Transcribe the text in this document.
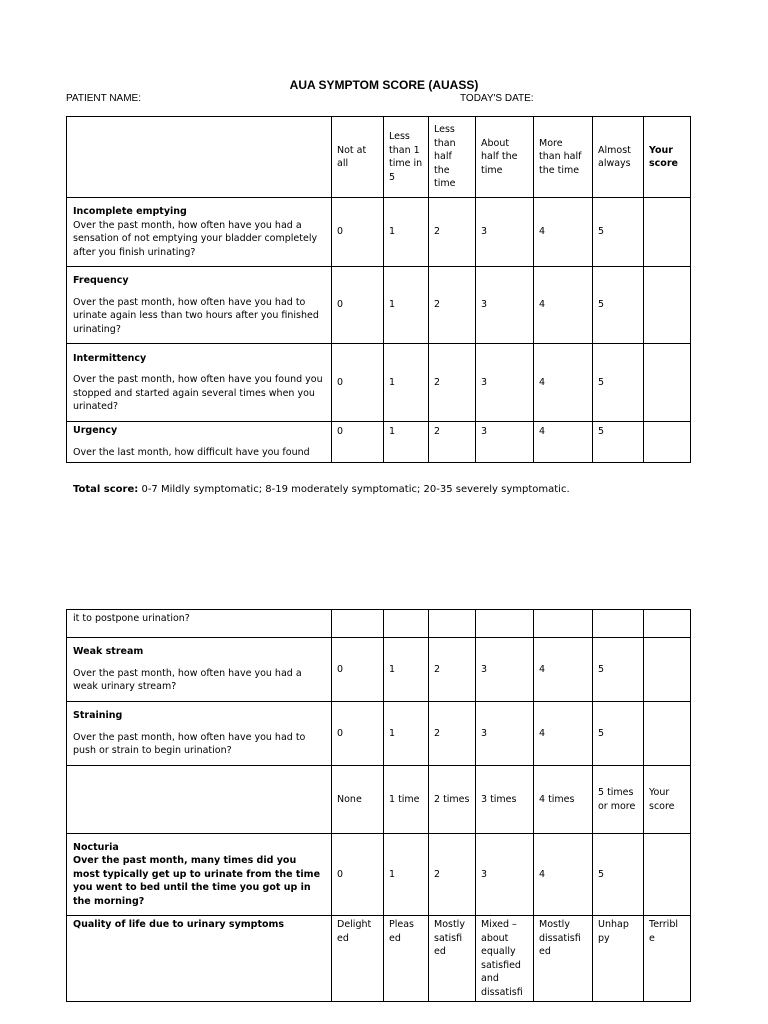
AUA SYMPTOM SCORE (AUASS)
PATIENT NAME:	TODAY'S DATE:
	Not at all	Less than 1 time in 5	Less than half the time	About half the time	More than half the time	Almost always	Your score

Incomplete emptying
Over the past month, how often have you had a sensation of not emptying your bladder completely after you finish urinating?	0	1	2	3	4	5	

Frequency
Over the past month, how often have you had to urinate again less than two hours after you finished urinating?	0	1	2	3	4	5	

Intermittency
Over the past month, how often have you found you stopped and started again several times when you urinated?	0	1	2	3	4	5	

Urgency
Over the last month, how difficult have you found	0	1	2	3	4	5	
Total score: 0-7 Mildly symptomatic; 8-19 moderately symptomatic; 20-35 severely symptomatic.
it to postpone urination?							

Weak stream
Over the past month, how often have you had a weak urinary stream?	0	1	2	3	4	5	

Straining
Over the past month, how often have you had to push or strain to begin urination?	0	1	2	3	4	5	
	None	1 time	2 times	3 times	4 times	5 times or more	Your score

Nocturia
Over the past month, many times did you most typically get up to urinate from the time you went to bed until the time you got up in the morning?	0	1	2	3	4	5	
Quality of life due to urinary symptoms	Delight ed	Pleas ed	Mostly satisfi ed	Mixed – about equally satisfied and dissatisfi	Mostly dissatisfi ed	Unhap py	Terribl e
